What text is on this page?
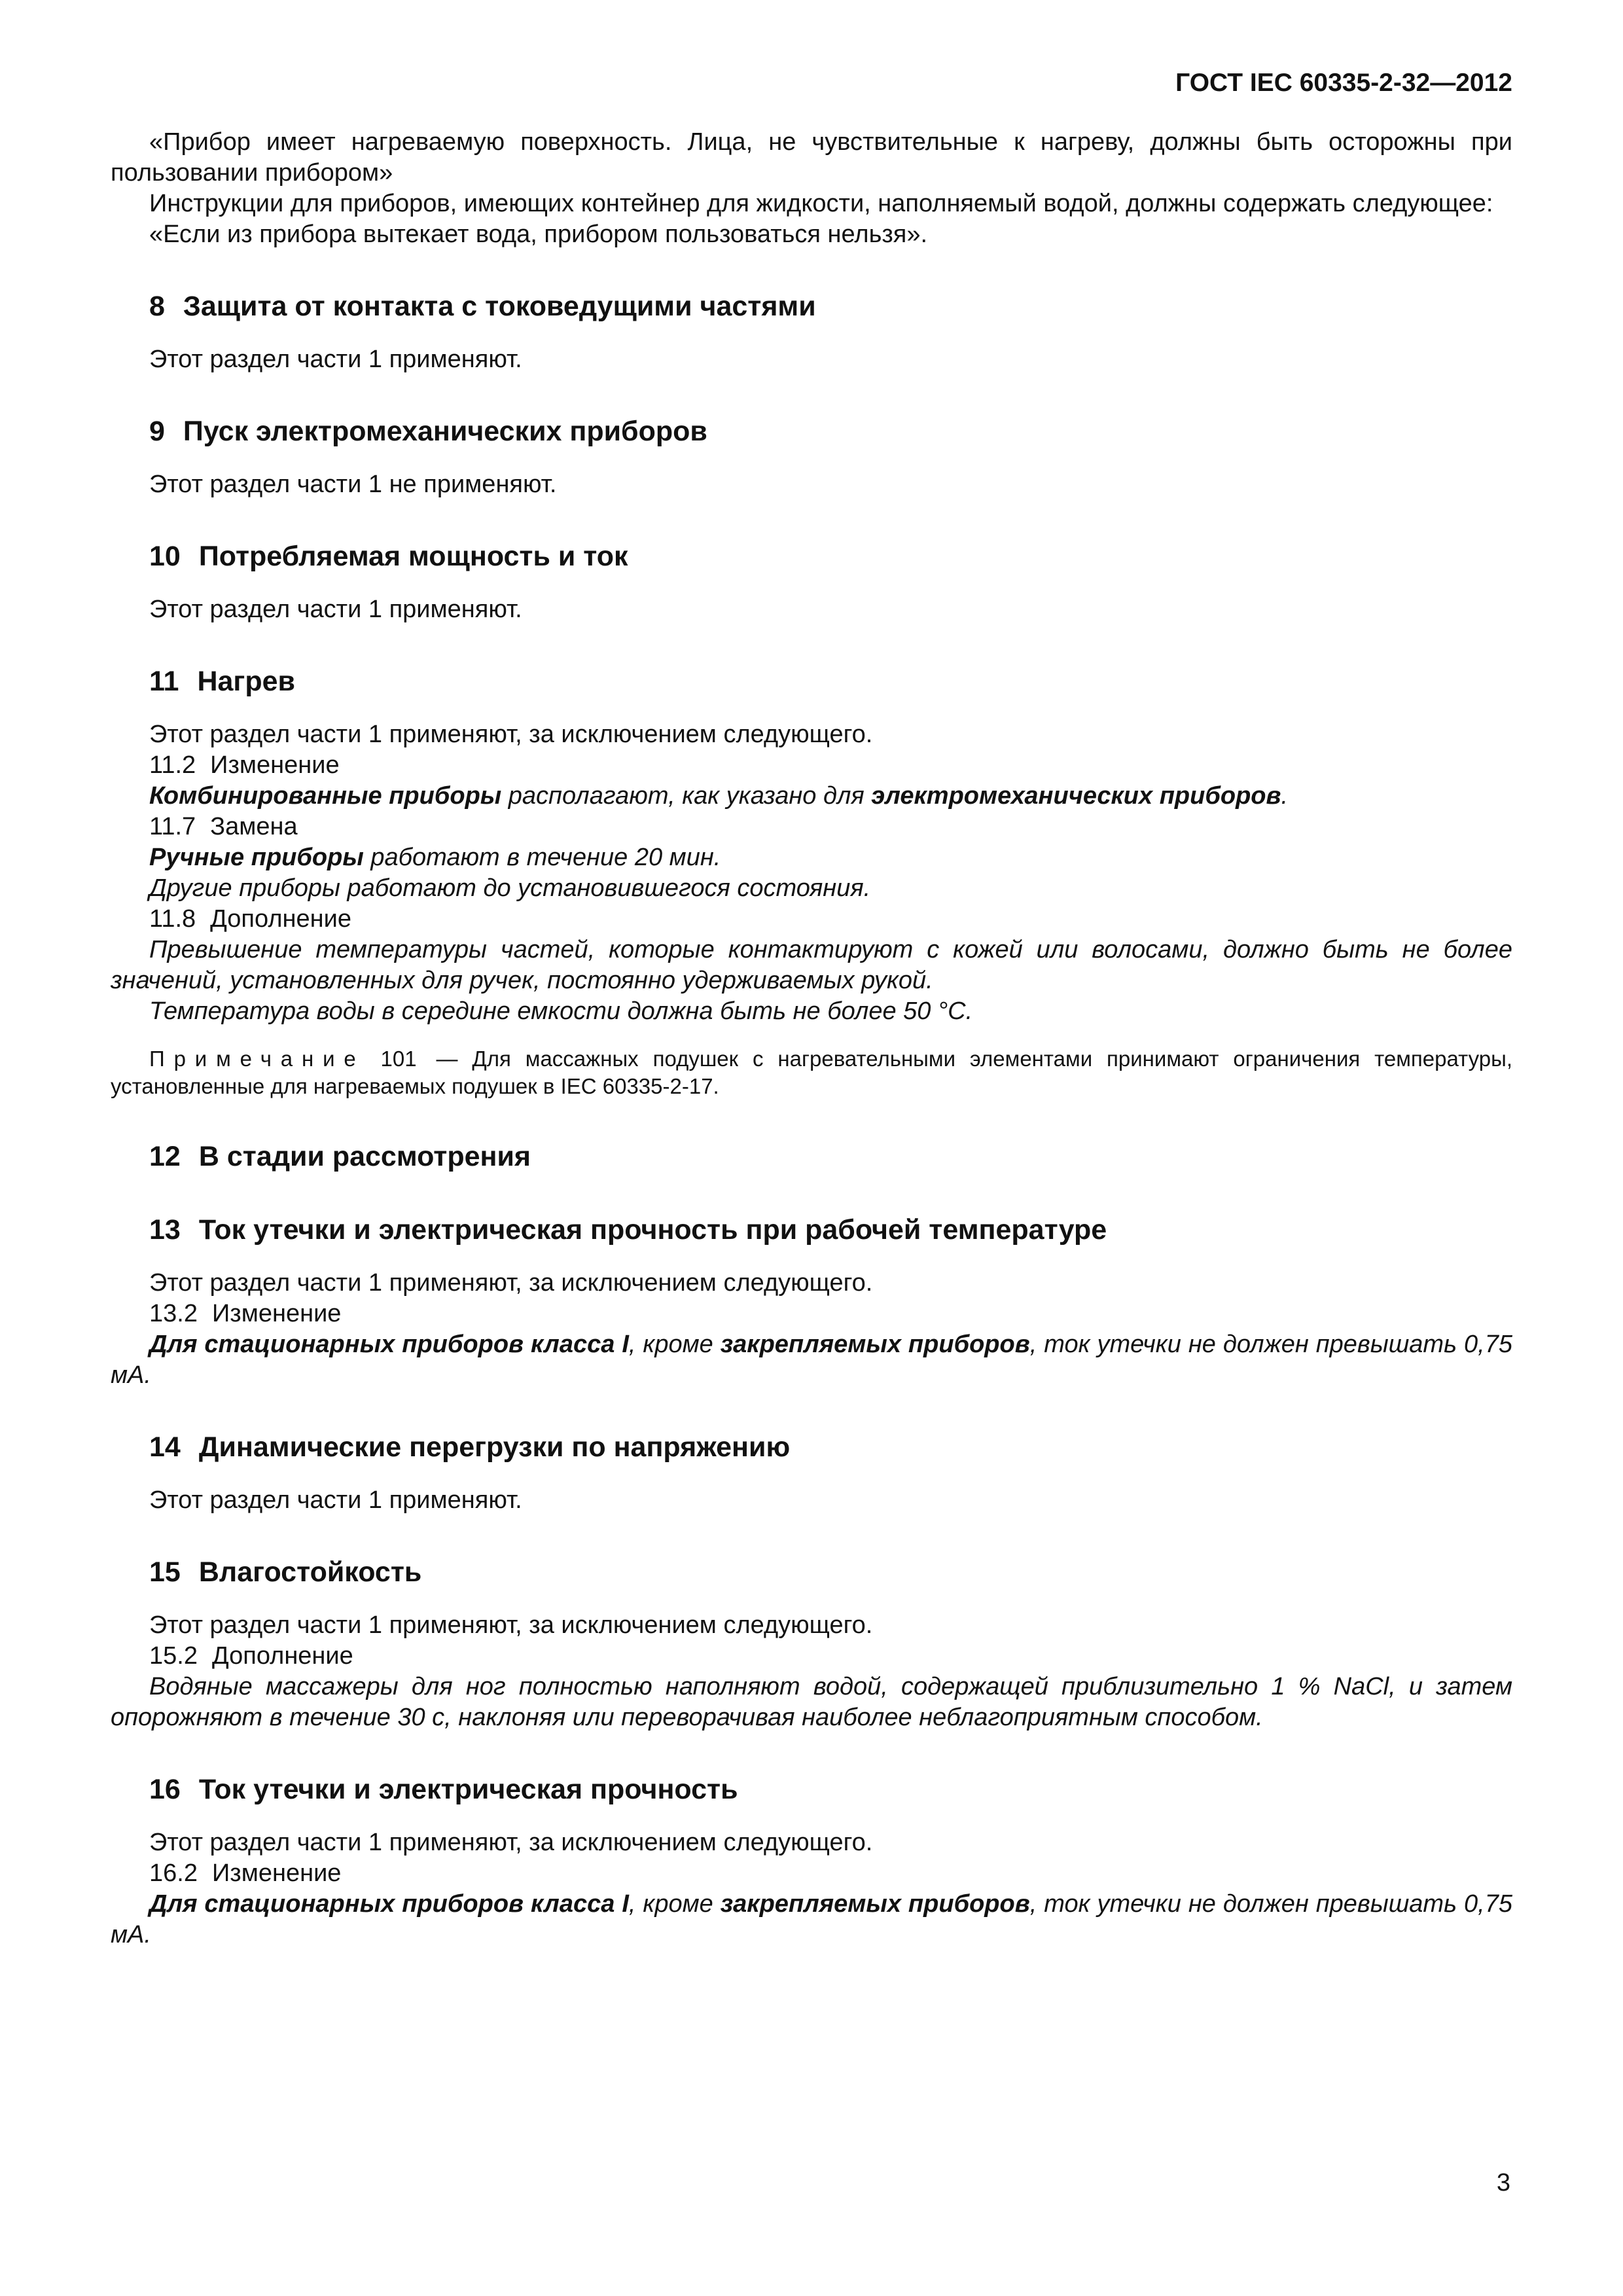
ГОСТ IEC 60335-2-32—2012

«Прибор имеет нагреваемую поверхность. Лица, не чувствительные к нагреву, должны быть осторожны при пользовании прибором»

Инструкции для приборов, имеющих контейнер для жидкости, наполняемый водой, должны содержать следующее:

«Если из прибора вытекает вода, прибором пользоваться нельзя».

8 Защита от контакта с токоведущими частями

Этот раздел части 1 применяют.

9 Пуск электромеханических приборов

Этот раздел части 1 не применяют.

10 Потребляемая мощность и ток

Этот раздел части 1 применяют.

11 Нагрев

Этот раздел части 1 применяют, за исключением следующего.

11.2 Изменение

Комбинированные приборы располагают, как указано для электромеханических приборов.

11.7 Замена

Ручные приборы работают в течение 20 мин.

Другие приборы работают до установившегося состояния.

11.8 Дополнение

Превышение температуры частей, которые контактируют с кожей или волосами, должно быть не более значений, установленных для ручек, постоянно удерживаемых рукой.

Температура воды в середине емкости должна быть не более 50 °С.

Примечание 101 — Для массажных подушек с нагревательными элементами принимают ограничения температуры, установленные для нагреваемых подушек в IEC 60335-2-17.

12 В стадии рассмотрения
13 Ток утечки и электрическая прочность при рабочей температуре

Этот раздел части 1 применяют, за исключением следующего.

13.2 Изменение

Для стационарных приборов класса I, кроме закрепляемых приборов, ток утечки не должен превышать 0,75 мА.

14 Динамические перегрузки по напряжению

Этот раздел части 1 применяют.

15 Влагостойкость

Этот раздел части 1 применяют, за исключением следующего.

15.2 Дополнение

Водяные массажеры для ног полностью наполняют водой, содержащей приблизительно 1 % NaCl, и затем опорожняют в течение 30 с, наклоняя или переворачивая наиболее неблагоприятным способом.

16 Ток утечки и электрическая прочность

Этот раздел части 1 применяют, за исключением следующего.

16.2 Изменение

Для стационарных приборов класса I, кроме закрепляемых приборов, ток утечки не должен превышать 0,75 мА.

3
